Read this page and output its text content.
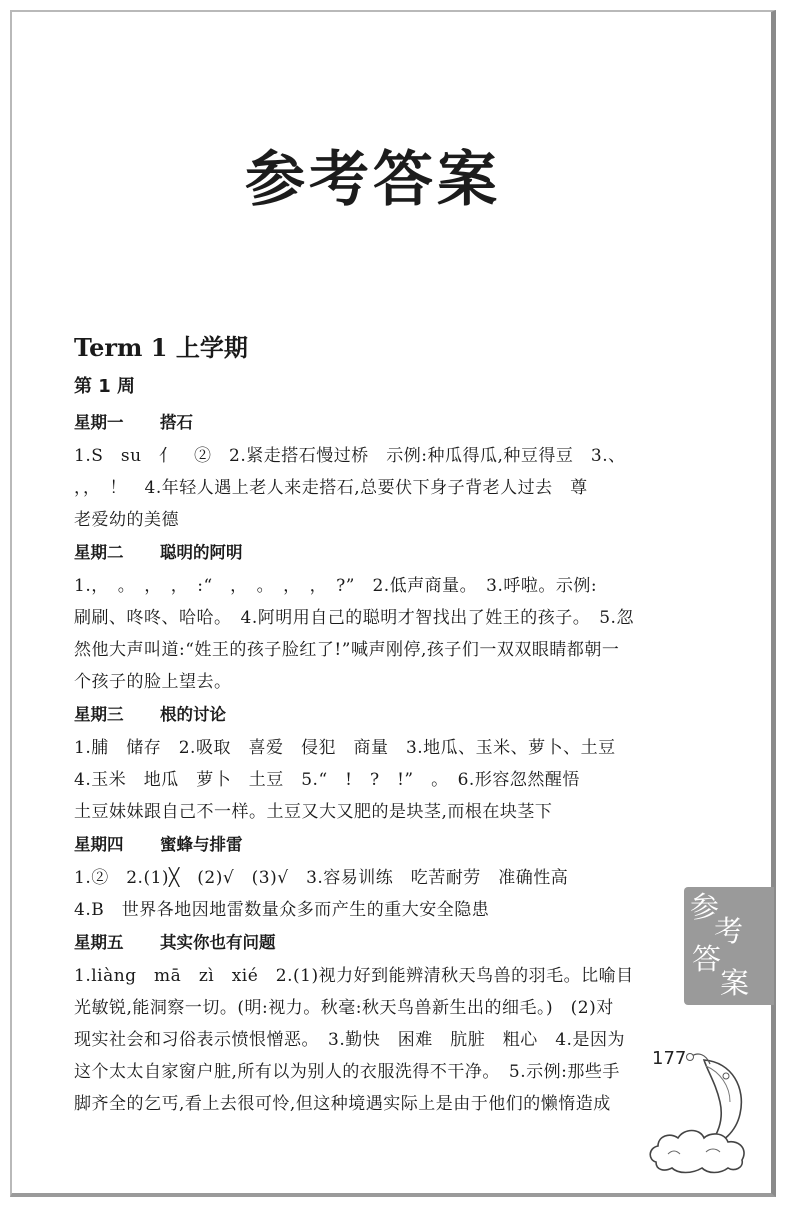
参考答案
Term 1 上学期
第 1 周
星期一 搭石
1.S　su　亻　②　2.紧走搭石慢过桥　示例:种瓜得瓜,种豆得豆　3.、
，，　！　4.年轻人遇上老人来走搭石,总要伏下身子背老人过去　尊
老爱幼的美德
星期二 聪明的阿明
1.，　。　，　，　:“　，　。　，　，　?”　2.低声商量。　3.呼啦。示例:
刷刷、咚咚、哈哈。　4.阿明用自己的聪明才智找出了姓王的孩子。　5.忽
然他大声叫道:“姓王的孩子脸红了!”喊声刚停,孩子们一双双眼睛都朝一
个孩子的脸上望去。
星期三 根的讨论
1.脯　储存　2.吸取　喜爱　侵犯　商量　3.地瓜、玉米、萝卜、土豆
4.玉米　地瓜　萝卜　土豆　5.“　!　?　!”　。　6.形容忽然醒悟
土豆妹妹跟自己不一样。土豆又大又肥的是块茎,而根在块茎下
星期四 蜜蜂与排雷
1.②　2.(1)╳　(2)√　(3)√　3.容易训练　吃苦耐劳　准确性高
4.B　世界各地因地雷数量众多而产生的重大安全隐患
星期五 其实你也有问题
1.liàng　mā　zì　xié　2.(1)视力好到能辨清秋天鸟兽的羽毛。比喻目
光敏锐,能洞察一切。(明:视力。秋毫:秋天鸟兽新生出的细毛。)　(2)对
现实社会和习俗表示愤恨憎恶。　3.勤快　困难　肮脏　粗心　4.是因为
这个太太自家窗户脏,所有以为别人的衣服洗得不干净。　5.示例:那些手
脚齐全的乞丐,看上去很可怜,但这种境遇实际上是由于他们的懒惰造成
参
考
答
案
177
